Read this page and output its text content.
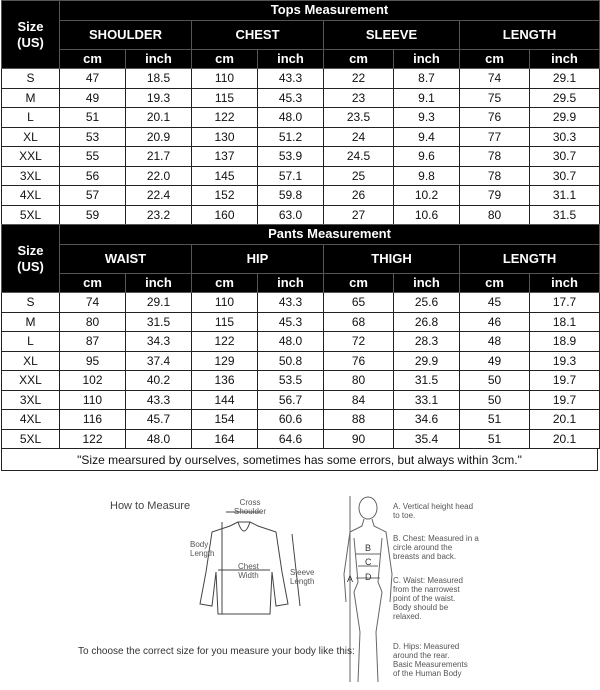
Size
(US)	Tops Measurement							
	SHOULDER		CHEST		SLEEVE		LENGTH	
	cm	inch	cm	inch	cm	inch	cm	inch
S	47	18.5	110	43.3	22	8.7	74	29.1
M	49	19.3	115	45.3	23	9.1	75	29.5
L	51	20.1	122	48.0	23.5	9.3	76	29.9
XL	53	20.9	130	51.2	24	9.4	77	30.3
XXL	55	21.7	137	53.9	24.5	9.6	78	30.7
3XL	56	22.0	145	57.1	25	9.8	78	30.7
4XL	57	22.4	152	59.8	26	10.2	79	31.1
5XL	59	23.2	160	63.0	27	10.6	80	31.5
Size
(US)	Pants Measurement							
	WAIST		HIP		THIGH		LENGTH	
	cm	inch	cm	inch	cm	inch	cm	inch
S	74	29.1	110	43.3	65	25.6	45	17.7
M	80	31.5	115	45.3	68	26.8	46	18.1
L	87	34.3	122	48.0	72	28.3	48	18.9
XL	95	37.4	129	50.8	76	29.9	49	19.3
XXL	102	40.2	136	53.5	80	31.5	50	19.7
3XL	110	43.3	144	56.7	84	33.1	50	19.7
4XL	116	45.7	154	60.6	88	34.6	51	20.1
5XL	122	48.0	164	64.6	90	35.4	51	20.1
"Size mearsured by ourselves, sometimes has some errors, but always within 3cm."
How to Measure	Cross
Shoulder
Body
Length
Chest
Width	Sleeve
Length
To choose the correct size for you measure your body like this:
A
B
C
D
A. Vertical height head
to toe.
B. Chest: Measured in a
circle around the
breasts and back.
C. Waist: Measured
from the narrowest
point of the waist.
Body should be
relaxed.
D. Hips: Measured
around the rear.
Basic Measurements
of the Human Body
